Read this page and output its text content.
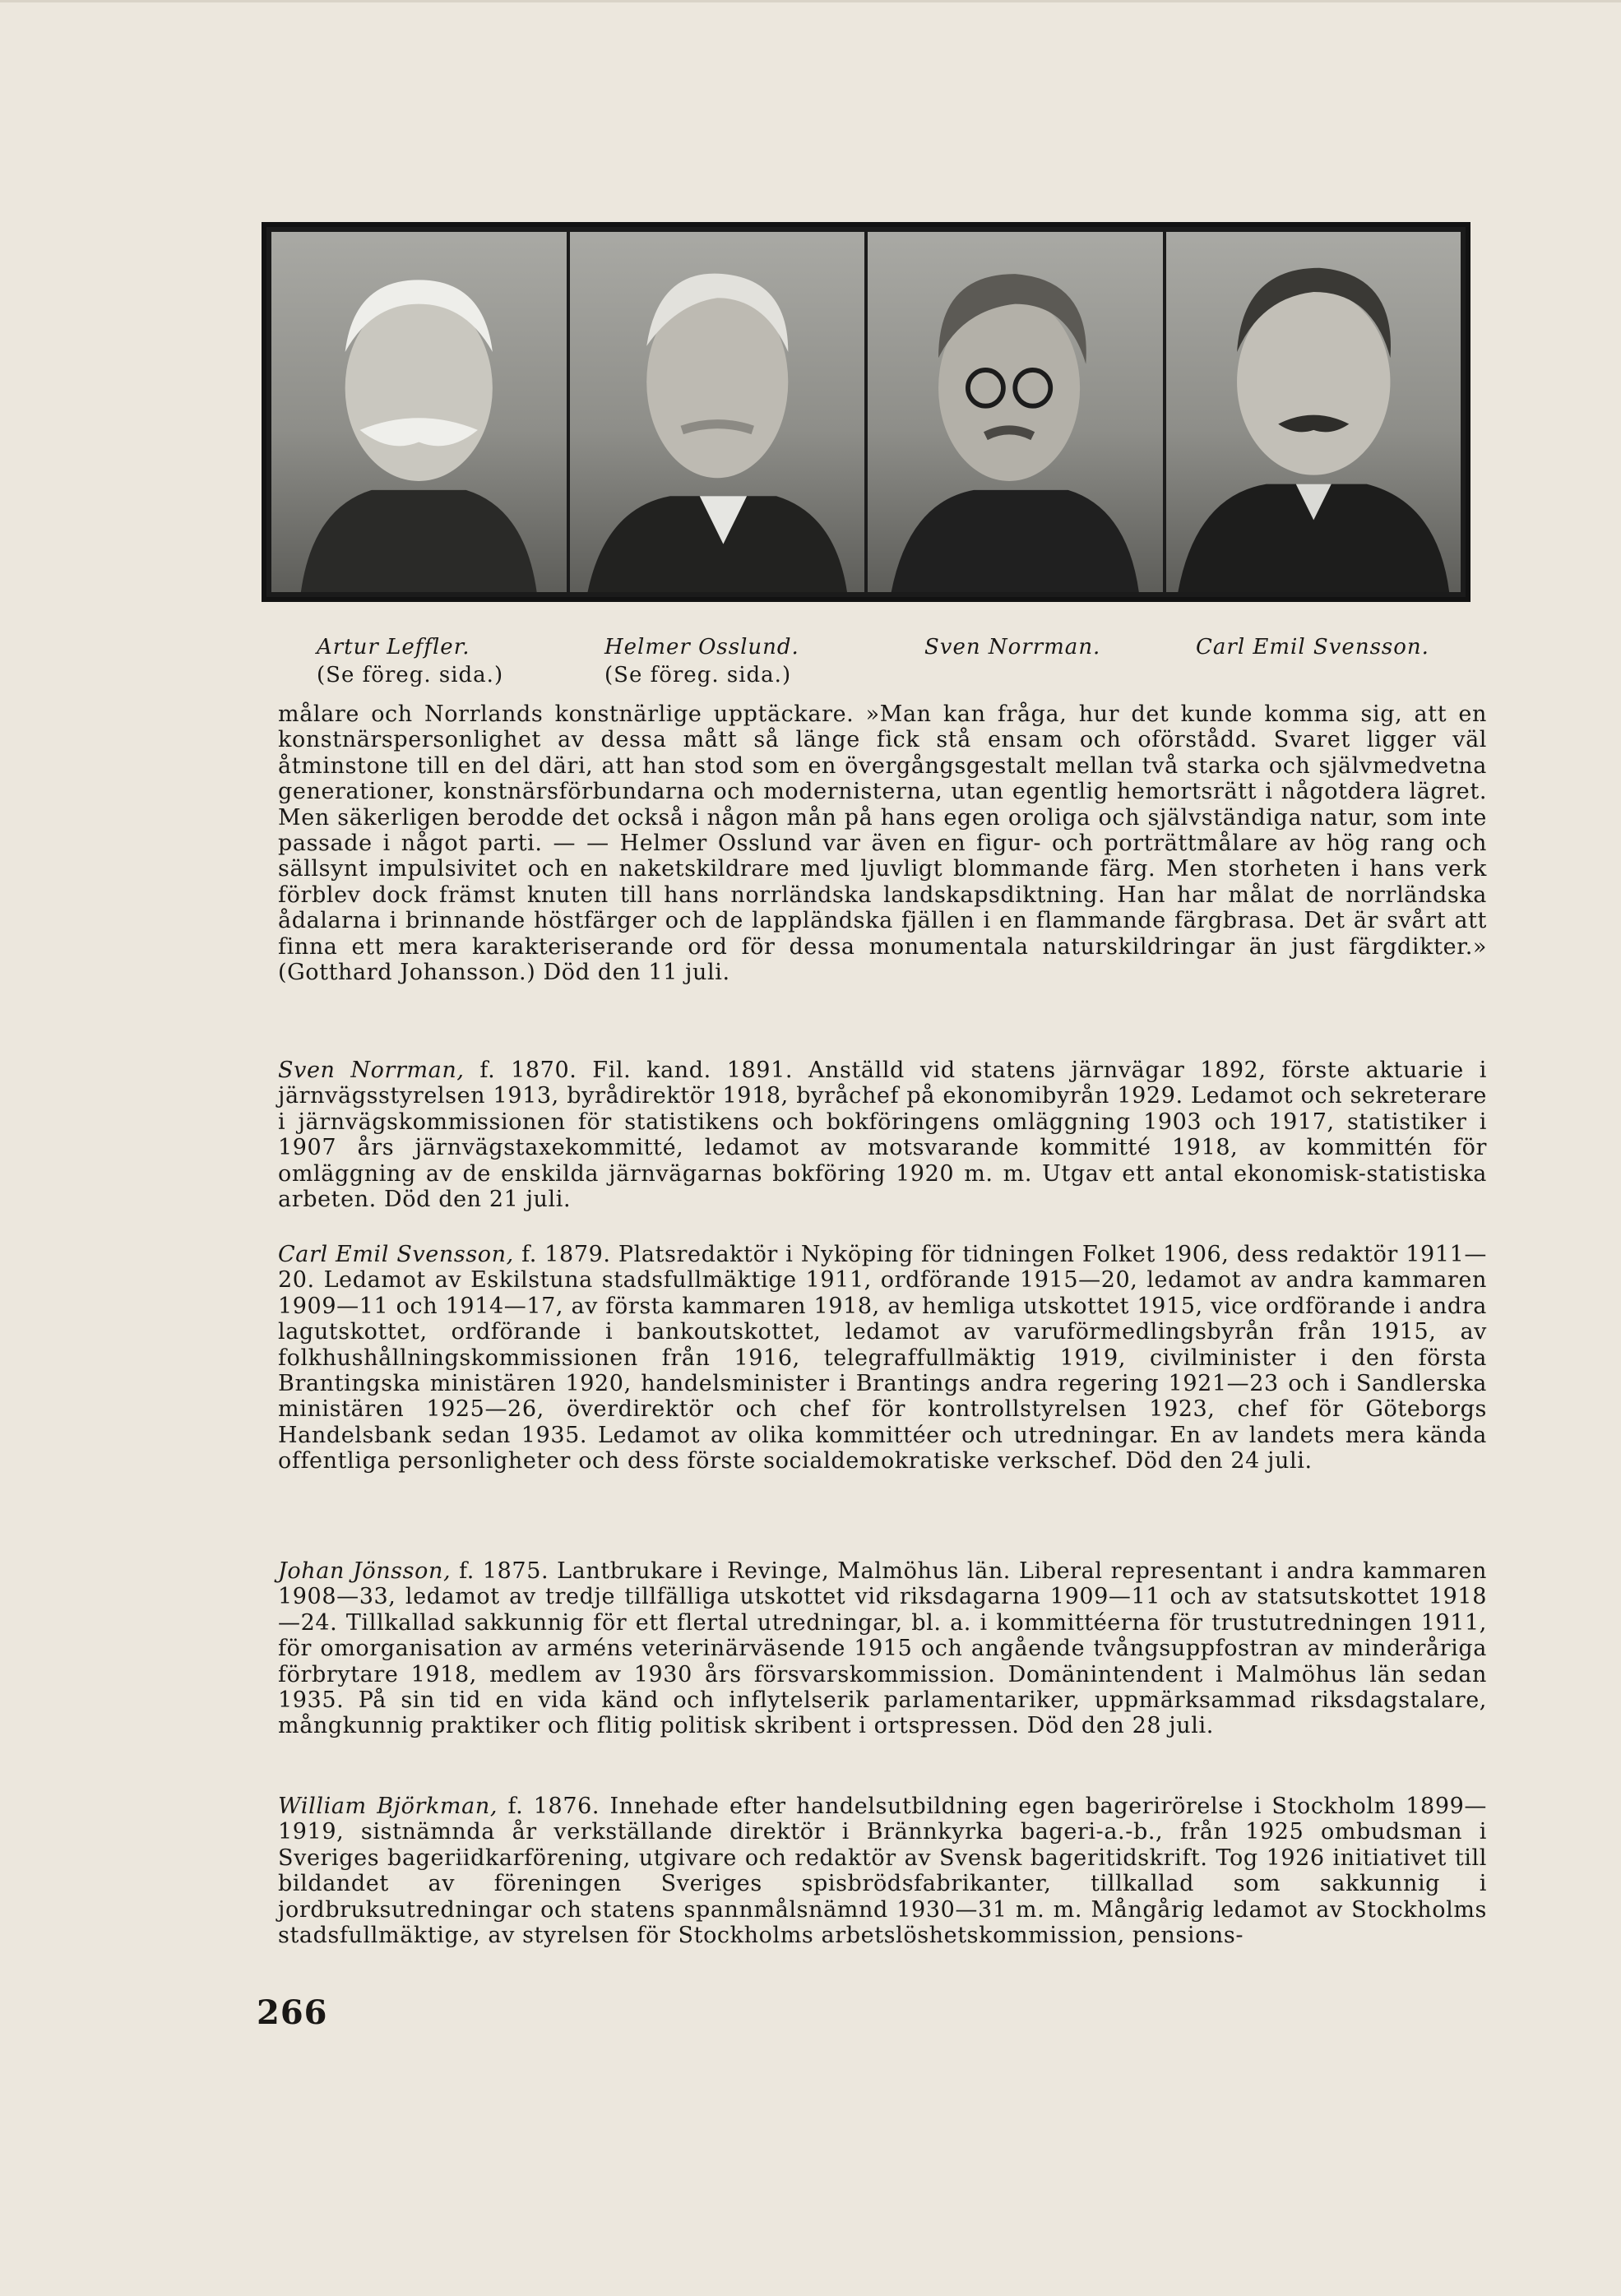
Artur Leffler.
(Se föreg. sida.)
Helmer Osslund.
(Se föreg. sida.)
Sven Norrman.	Carl Emil Svensson.

målare och Norrlands konstnärlige upptäckare. »Man kan fråga, hur det kunde komma sig, att en konstnärspersonlighet av dessa mått så länge fick stå ensam och oförstådd. Svaret ligger väl åtminstone till en del däri, att han stod som en övergångsgestalt mellan två starka och självmedvetna generationer, konstnärsförbundarna och modernisterna, utan egentlig hemortsrätt i någotdera lägret. Men säkerligen berodde det också i någon mån på hans egen oroliga och självständiga natur, som inte passade i något parti. — — Helmer Osslund var även en figur- och porträttmålare av hög rang och sällsynt impulsivitet och en naketskildrare med ljuvligt blommande färg. Men storheten i hans verk förblev dock främst knuten till hans norrländska landskapsdiktning. Han har målat de norrländska ådalarna i brinnande höstfärger och de lappländska fjällen i en flammande färgbrasa. Det är svårt att finna ett mera karakteriserande ord för dessa monumentala naturskildringar än just färgdikter.» (Gotthard Johansson.) Död den 11 juli.

Sven Norrman, f. 1870. Fil. kand. 1891. Anställd vid statens järnvägar 1892, förste aktuarie i järnvägsstyrelsen 1913, byrådirektör 1918, byråchef på ekonomibyrån 1929. Ledamot och sekreterare i järnvägskommissionen för statistikens och bokföringens omläggning 1903 och 1917, statistiker i 1907 års järnvägstaxekommitté, ledamot av motsvarande kommitté 1918, av kommittén för omläggning av de enskilda järnvägarnas bokföring 1920 m. m. Utgav ett antal ekonomisk-statistiska arbeten. Död den 21 juli.

Carl Emil Svensson, f. 1879. Platsredaktör i Nyköping för tidningen Folket 1906, dess redaktör 1911—20. Ledamot av Eskilstuna stadsfullmäktige 1911, ordförande 1915—20, ledamot av andra kammaren 1909—11 och 1914—17, av första kammaren 1918, av hemliga utskottet 1915, vice ordförande i andra lagutskottet, ordförande i bankoutskottet, ledamot av varuförmedlingsbyrån från 1915, av folkhushållningskommissionen från 1916, telegraffullmäktig 1919, civilminister i den första Brantingska ministären 1920, handelsminister i Brantings andra regering 1921—23 och i Sandlerska ministären 1925—26, överdirektör och chef för kontrollstyrelsen 1923, chef för Göteborgs Handelsbank sedan 1935. Ledamot av olika kommittéer och utredningar. En av landets mera kända offentliga personligheter och dess förste socialdemokratiske verkschef. Död den 24 juli.

Johan Jönsson, f. 1875. Lantbrukare i Revinge, Malmöhus län. Liberal representant i andra kammaren 1908—33, ledamot av tredje tillfälliga utskottet vid riksdagarna 1909—11 och av statsutskottet 1918—24. Tillkallad sakkunnig för ett flertal utredningar, bl. a. i kommittéerna för trustutredningen 1911, för omorganisation av arméns veterinärväsende 1915 och angående tvångsuppfostran av minderåriga förbrytare 1918, medlem av 1930 års försvarskommission. Domänintendent i Malmöhus län sedan 1935. På sin tid en vida känd och inflytelserik parlamentariker, uppmärksammad riksdagstalare, mångkunnig praktiker och flitig politisk skribent i ortspressen. Död den 28 juli.

William Björkman, f. 1876. Innehade efter handelsutbildning egen bagerirörelse i Stockholm 1899—1919, sistnämnda år verkställande direktör i Brännkyrka bageri-a.-b., från 1925 ombudsman i Sveriges bageriidkarförening, utgivare och redaktör av Svensk bageritidskrift. Tog 1926 initiativet till bildandet av föreningen Sveriges spisbrödsfabrikanter, tillkallad som sakkunnig i jordbruksutredningar och statens spannmålsnämnd 1930—31 m. m. Mångårig ledamot av Stockholms stadsfullmäktige, av styrelsen för Stockholms arbetslöshetskommission, pensions-

266
